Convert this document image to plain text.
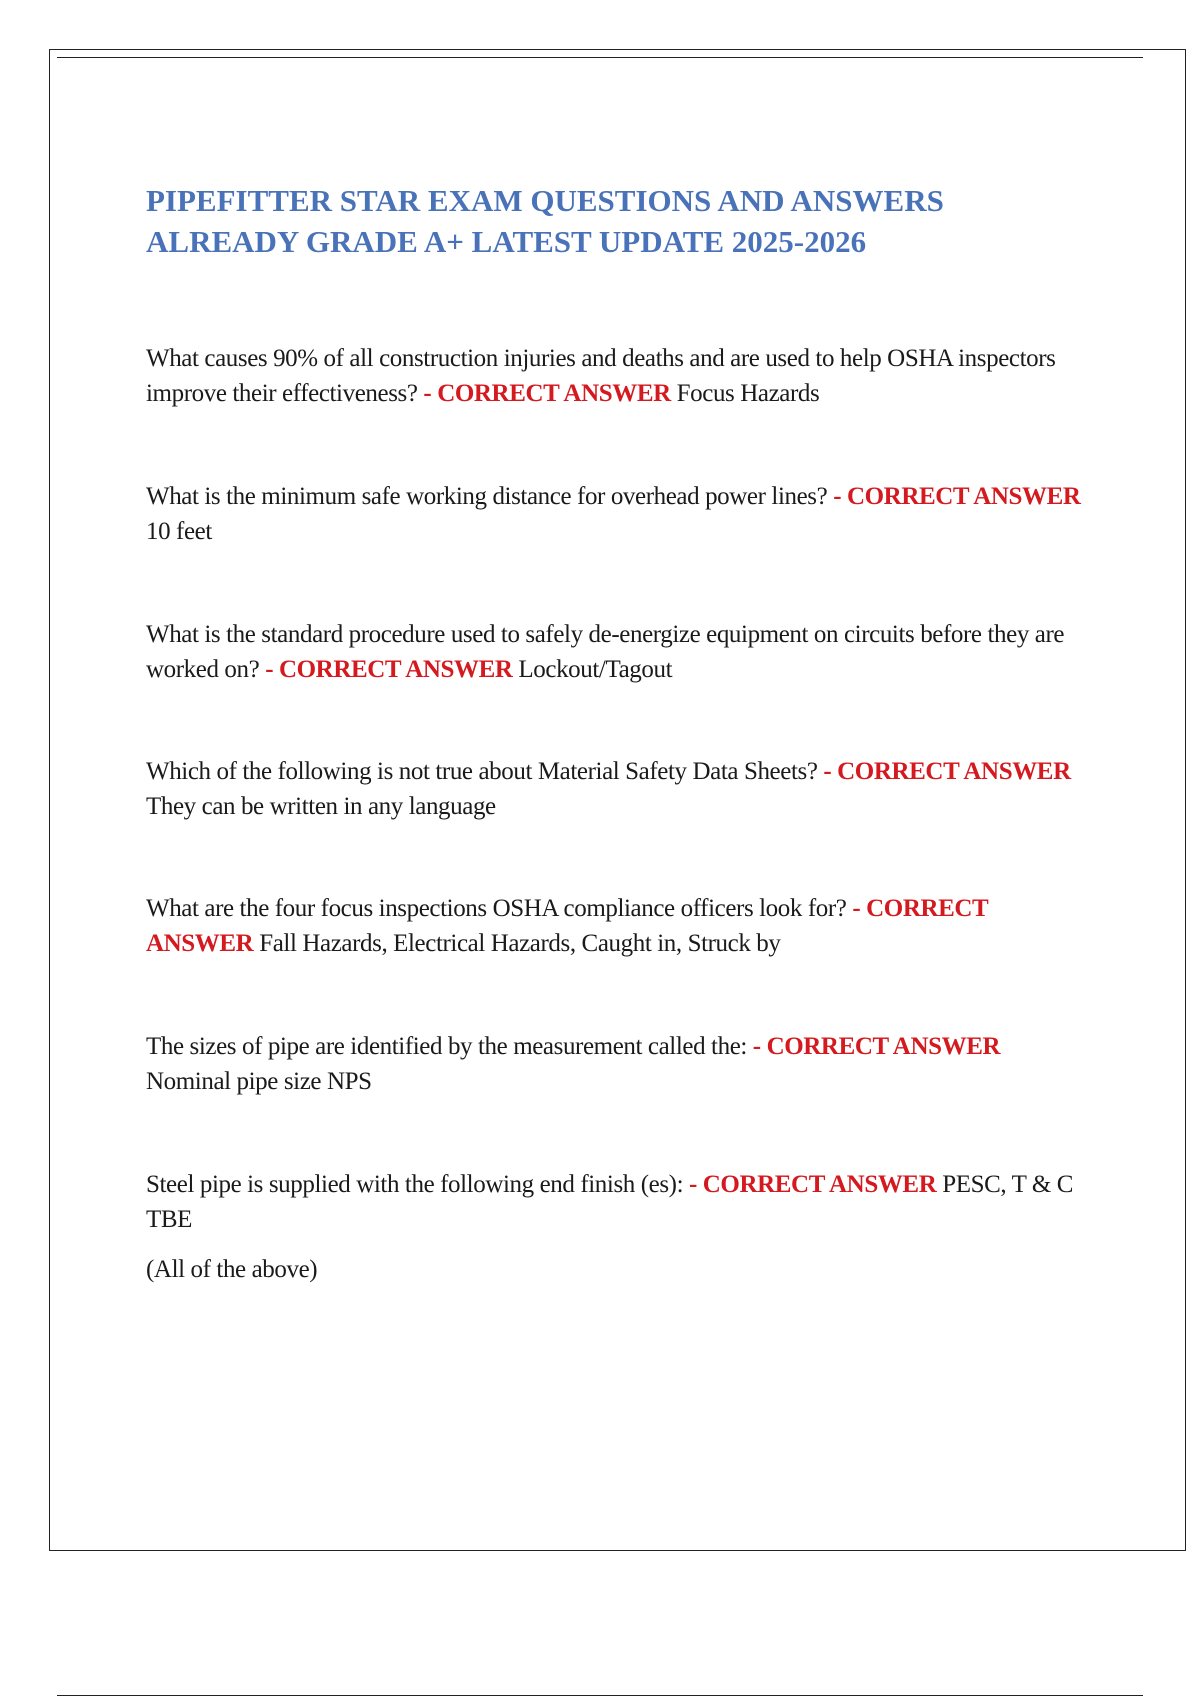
PIPEFITTER STAR EXAM QUESTIONS AND ANSWERS
ALREADY GRADE A+ LATEST UPDATE 2025-2026

What causes 90% of all construction injuries and deaths and are used to help OSHA inspectors improve their effectiveness? - CORRECT ANSWER Focus Hazards

What is the minimum safe working distance for overhead power lines? - CORRECT ANSWER 10 feet

What is the standard procedure used to safely de-energize equipment on circuits before they are worked on? - CORRECT ANSWER Lockout/Tagout

Which of the following is not true about Material Safety Data Sheets? - CORRECT ANSWER They can be written in any language

What are the four focus inspections OSHA compliance officers look for? - CORRECT ANSWER Fall Hazards, Electrical Hazards, Caught in, Struck by

The sizes of pipe are identified by the measurement called the: - CORRECT ANSWER Nominal pipe size NPS

Steel pipe is supplied with the following end finish (es): - CORRECT ANSWER PESC, T & C TBE

(All of the above)
